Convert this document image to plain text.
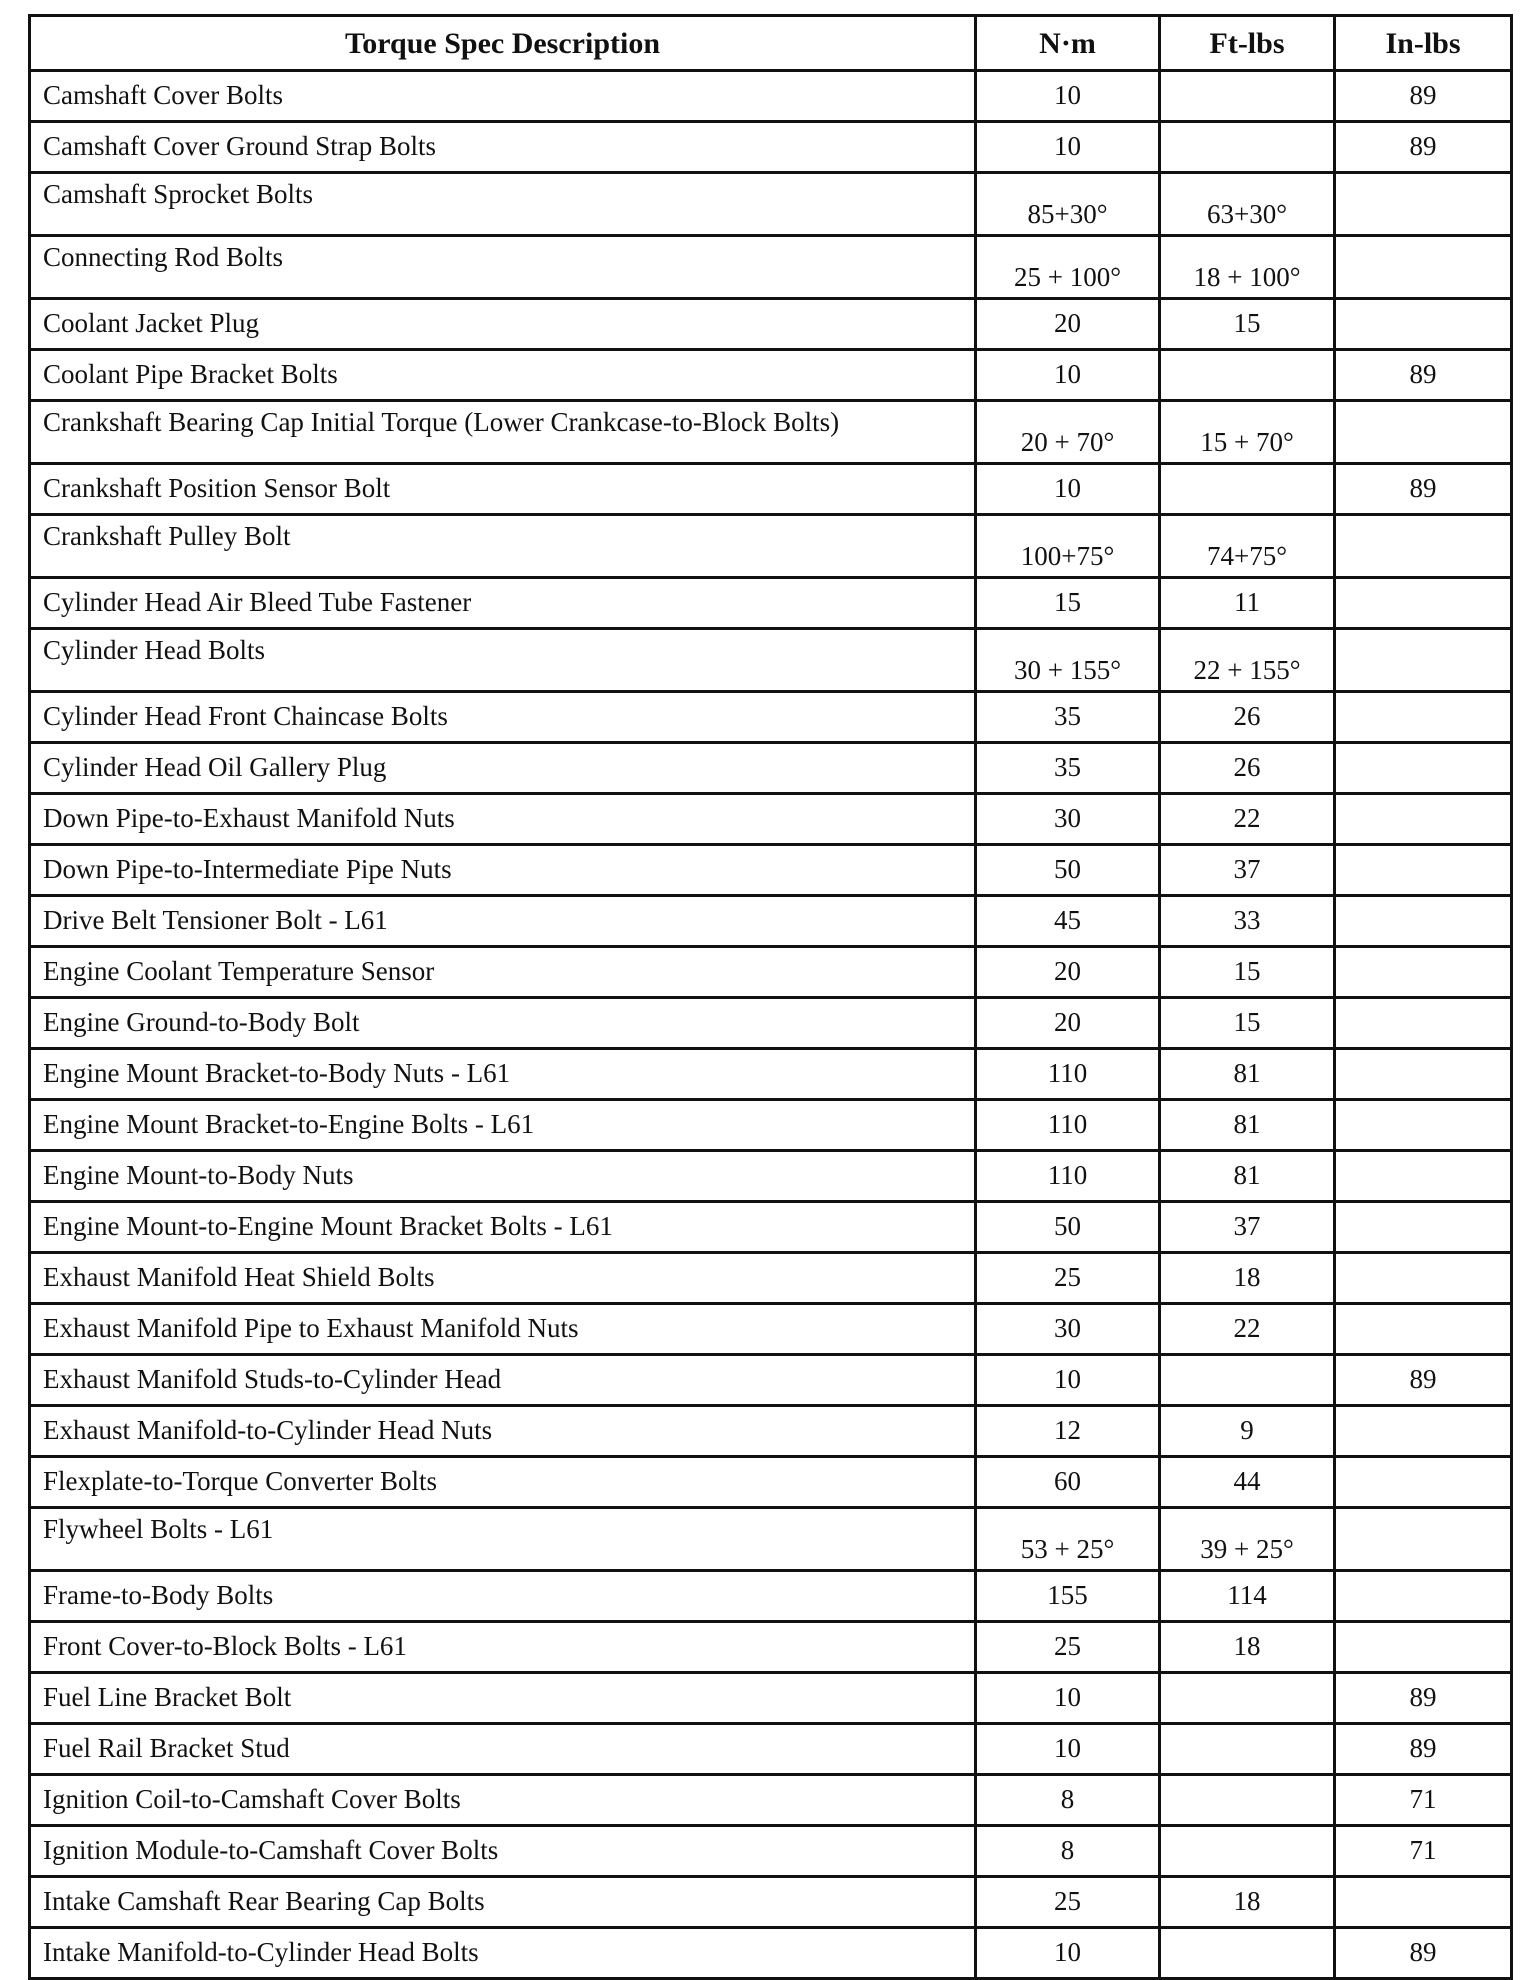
Torque Spec Description	N·m	Ft-lbs	In-lbs
Camshaft Cover Bolts	10		89
Camshaft Cover Ground Strap Bolts	10		89
Camshaft Sprocket Bolts	85+30°	63+30°	
Connecting Rod Bolts	25 + 100°	18 + 100°	
Coolant Jacket Plug	20	15	
Coolant Pipe Bracket Bolts	10		89
Crankshaft Bearing Cap Initial Torque (Lower Crankcase-to-Block Bolts)	20 + 70°	15 + 70°	
Crankshaft Position Sensor Bolt	10		89
Crankshaft Pulley Bolt	100+75°	74+75°	
Cylinder Head Air Bleed Tube Fastener	15	11	
Cylinder Head Bolts	30 + 155°	22 + 155°	
Cylinder Head Front Chaincase Bolts	35	26	
Cylinder Head Oil Gallery Plug	35	26	
Down Pipe-to-Exhaust Manifold Nuts	30	22	
Down Pipe-to-Intermediate Pipe Nuts	50	37	
Drive Belt Tensioner Bolt - L61	45	33	
Engine Coolant Temperature Sensor	20	15	
Engine Ground-to-Body Bolt	20	15	
Engine Mount Bracket-to-Body Nuts - L61	110	81	
Engine Mount Bracket-to-Engine Bolts - L61	110	81	
Engine Mount-to-Body Nuts	110	81	
Engine Mount-to-Engine Mount Bracket Bolts - L61	50	37	
Exhaust Manifold Heat Shield Bolts	25	18	
Exhaust Manifold Pipe to Exhaust Manifold Nuts	30	22	
Exhaust Manifold Studs-to-Cylinder Head	10		89
Exhaust Manifold-to-Cylinder Head Nuts	12	9	
Flexplate-to-Torque Converter Bolts	60	44	
Flywheel Bolts - L61	53 + 25°	39 + 25°	
Frame-to-Body Bolts	155	114	
Front Cover-to-Block Bolts - L61	25	18	
Fuel Line Bracket Bolt	10		89
Fuel Rail Bracket Stud	10		89
Ignition Coil-to-Camshaft Cover Bolts	8		71
Ignition Module-to-Camshaft Cover Bolts	8		71
Intake Camshaft Rear Bearing Cap Bolts	25	18	
Intake Manifold-to-Cylinder Head Bolts	10		89
